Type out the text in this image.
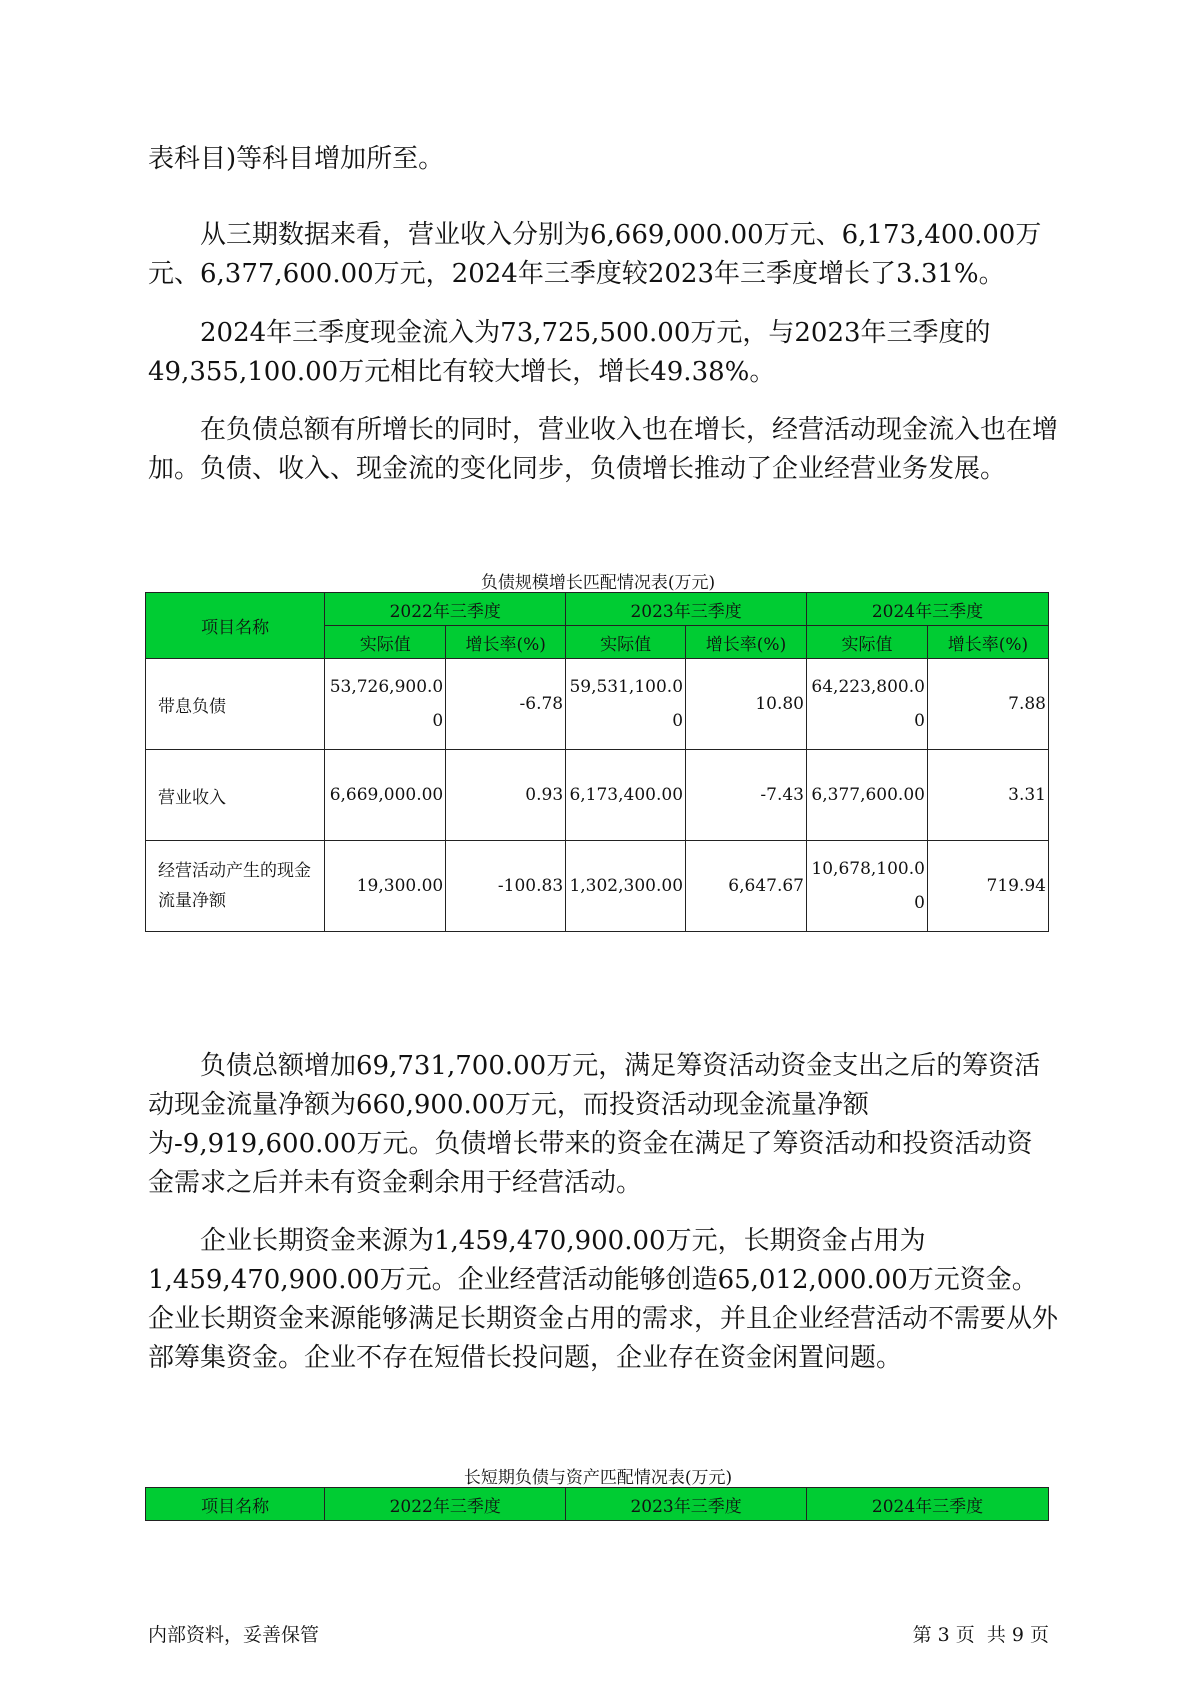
表科目)等科目增加所至。

从三期数据来看，营业收入分别为6,669,000.00万元、6,173,400.00万元、6,377,600.00万元，2024年三季度较2023年三季度增长了3.31%。

2024年三季度现金流入为73,725,500.00万元，与2023年三季度的49,355,100.00万元相比有较大增长，增长49.38%。

在负债总额有所增长的同时，营业收入也在增长，经营活动现金流入也在增加。负债、收入、现金流的变化同步，负债增长推动了企业经营业务发展。

负债规模增长匹配情况表(万元)

项目名称	2022年三季度		2023年三季度		2024年三季度	
	实际值	增长率(%)	实际值	增长率(%)	实际值	增长率(%)
带息负债	53,726,900.00	-6.78	59,531,100.00	10.80	64,223,800.00	7.88
营业收入	6,669,000.00	0.93	6,173,400.00	-7.43	6,377,600.00	3.31
经营活动产生的现金流量净额	19,300.00	-100.83	1,302,300.00	6,647.67	10,678,100.00	719.94

负债总额增加69,731,700.00万元，满足筹资活动资金支出之后的筹资活动现金流量净额为660,900.00万元，而投资活动现金流量净额为-9,919,600.00万元。负债增长带来的资金在满足了筹资活动和投资活动资金需求之后并未有资金剩余用于经营活动。

企业长期资金来源为1,459,470,900.00万元，长期资金占用为1,459,470,900.00万元。企业经营活动能够创造65,012,000.00万元资金。企业长期资金来源能够满足长期资金占用的需求，并且企业经营活动不需要从外部筹集资金。企业不存在短借长投问题，企业存在资金闲置问题。

长短期负债与资产匹配情况表(万元)

项目名称	2022年三季度	2023年三季度	2024年三季度
内部资料，妥善保管	第 3 页  共 9 页
